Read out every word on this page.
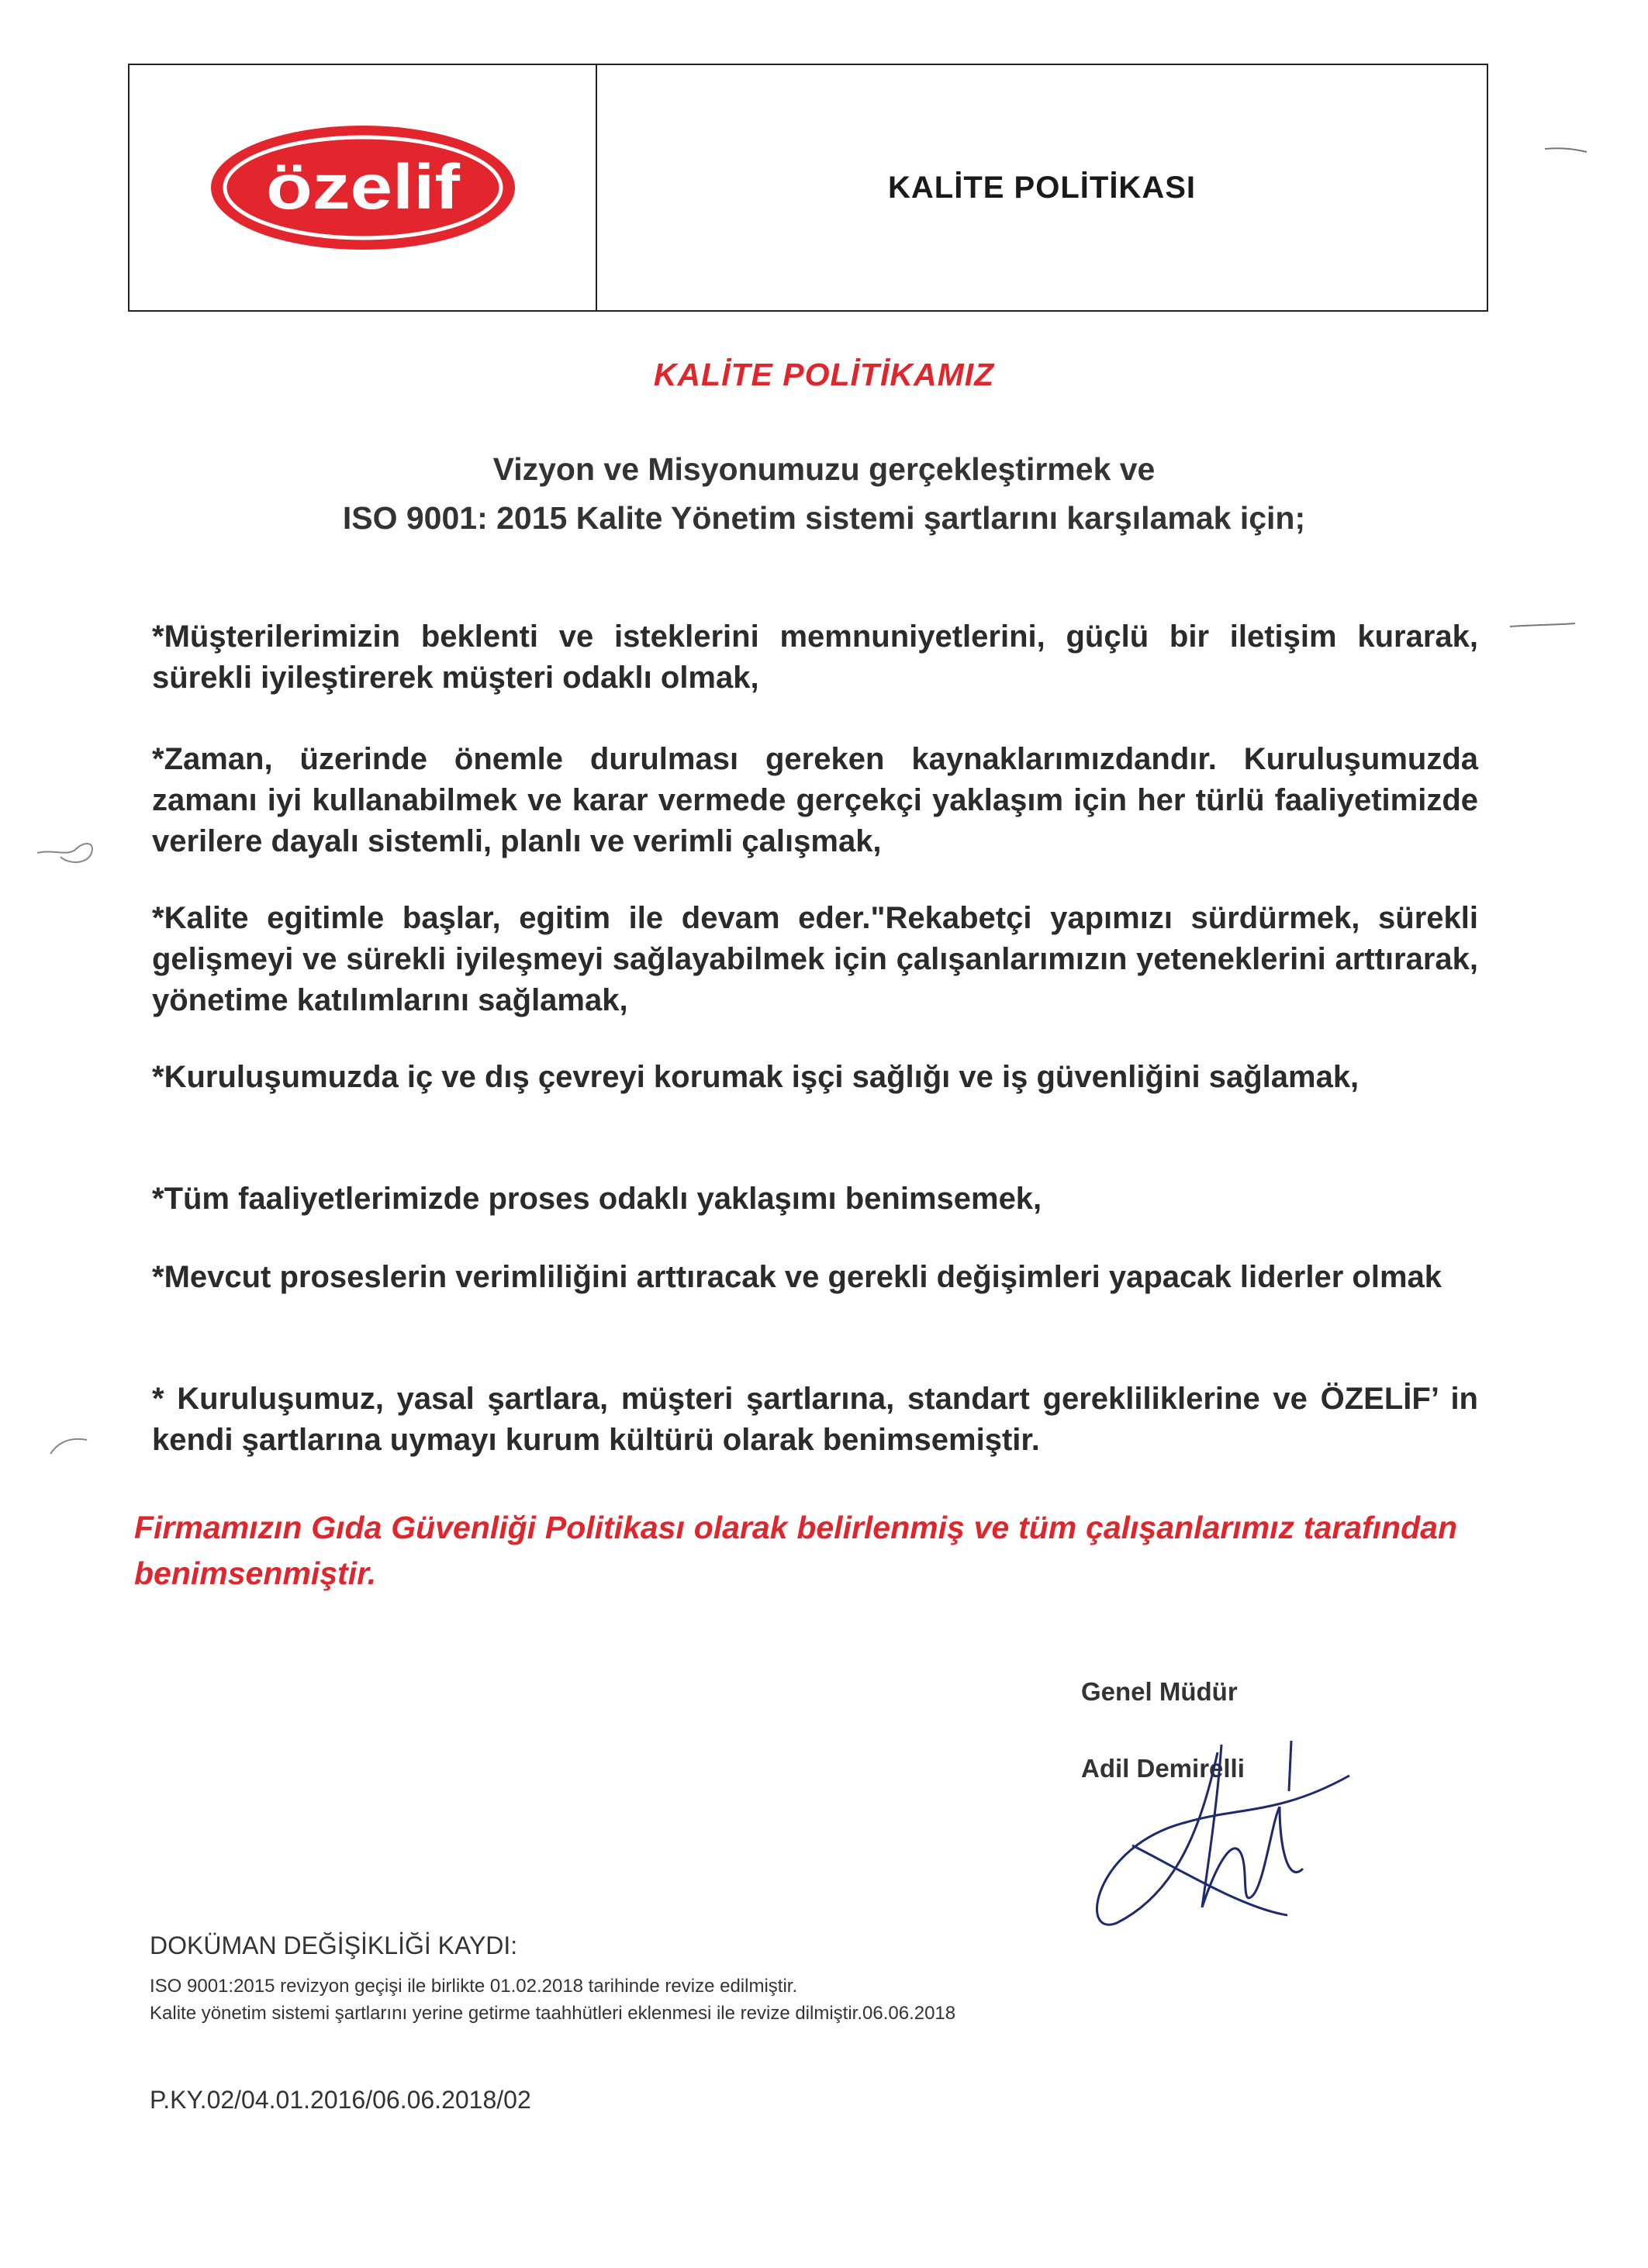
özelif	KALİTE POLİTİKASI
KALİTE POLİTİKAMIZ
Vizyon ve Misyonumuzu gerçekleştirmek ve
ISO 9001: 2015 Kalite Yönetim sistemi şartlarını karşılamak için;
*Müşterilerimizin beklenti ve isteklerini memnuniyetlerini, güçlü bir iletişim kurarak, sürekli iyileştirerek müşteri odaklı olmak,
*Zaman, üzerinde önemle durulması gereken kaynaklarımızdandır. Kuruluşumuzda zamanı iyi kullanabilmek ve karar vermede gerçekçi yaklaşım için her türlü faaliyetimizde verilere dayalı sistemli, planlı ve verimli çalışmak,
*Kalite egitimle başlar, egitim ile devam eder."Rekabetçi yapımızı sürdürmek, sürekli gelişmeyi ve sürekli iyileşmeyi sağlayabilmek için çalışanlarımızın yeteneklerini arttırarak, yönetime katılımlarını sağlamak,
*Kuruluşumuzda iç ve dış çevreyi korumak işçi sağlığı ve iş güvenliğini sağlamak,
*Tüm faaliyetlerimizde proses odaklı yaklaşımı benimsemek,
*Mevcut proseslerin verimliliğini arttıracak ve gerekli değişimleri yapacak liderler olmak
* Kuruluşumuz, yasal şartlara, müşteri şartlarına, standart gerekliliklerine ve ÖZELİF’ in kendi şartlarına uymayı kurum kültürü olarak benimsemiştir.
Firmamızın Gıda Güvenliği Politikası olarak belirlenmiş ve tüm çalışanlarımız tarafından benimsenmiştir.
Genel Müdür
Adil Demirelli
DOKÜMAN DEĞİŞİKLİĞİ KAYDI:
ISO 9001:2015 revizyon geçişi ile birlikte 01.02.2018 tarihinde revize edilmiştir.
Kalite yönetim sistemi şartlarını yerine getirme taahhütleri eklenmesi ile revize dilmiştir.06.06.2018
P.KY.02/04.01.2016/06.06.2018/02
